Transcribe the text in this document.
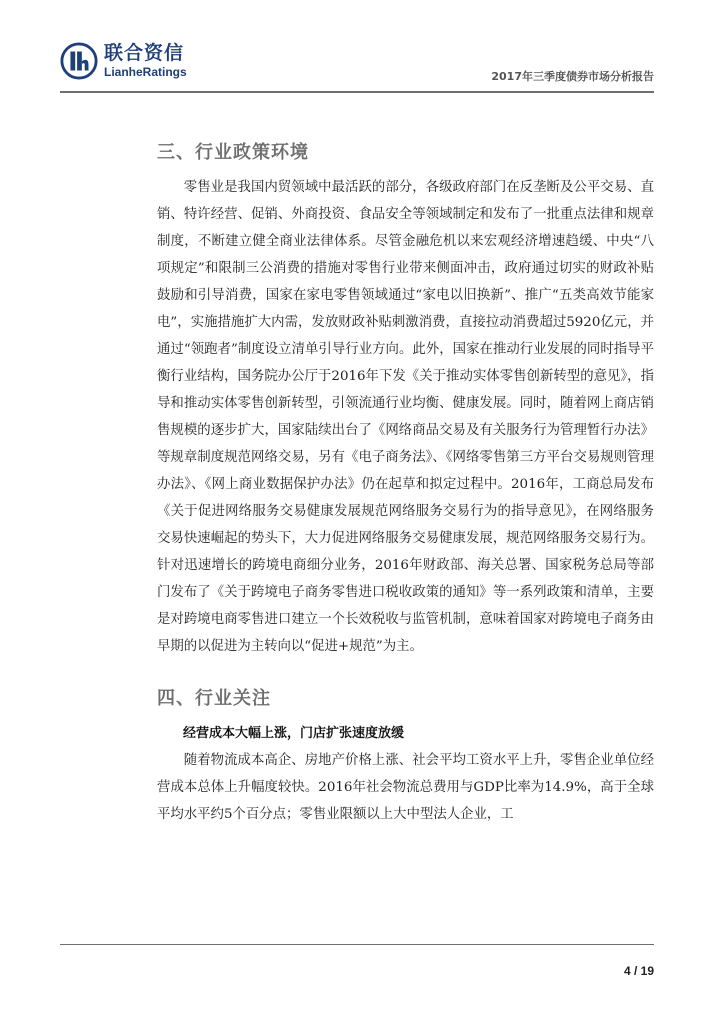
联合资信
LianheRatings	2017年三季度债券市场分析报告
三、行业政策环境

零售业是我国内贸领域中最活跃的部分，各级政府部门在反垄断及公平交易、直销、特许经营、促销、外商投资、食品安全等领域制定和发布了一批重点法律和规章制度，不断建立健全商业法律体系。尽管金融危机以来宏观经济增速趋缓、中央“八项规定”和限制三公消费的措施对零售行业带来侧面冲击，政府通过切实的财政补贴鼓励和引导消费，国家在家电零售领域通过“家电以旧换新”、推广“五类高效节能家电”，实施措施扩大内需，发放财政补贴刺激消费，直接拉动消费超过5920亿元，并通过“领跑者”制度设立清单引导行业方向。此外，国家在推动行业发展的同时指导平衡行业结构，国务院办公厅于2016年下发《关于推动实体零售创新转型的意见》，指导和推动实体零售创新转型，引领流通行业均衡、健康发展。同时，随着网上商店销售规模的逐步扩大，国家陆续出台了《网络商品交易及有关服务行为管理暂行办法》等规章制度规范网络交易，另有《电子商务法》、《网络零售第三方平台交易规则管理办法》、《网上商业数据保护办法》仍在起草和拟定过程中。2016年，工商总局发布《关于促进网络服务交易健康发展规范网络服务交易行为的指导意见》，在网络服务交易快速崛起的势头下，大力促进网络服务交易健康发展，规范网络服务交易行为。针对迅速增长的跨境电商细分业务，2016年财政部、海关总署、国家税务总局等部门发布了《关于跨境电子商务零售进口税收政策的通知》等一系列政策和清单，主要是对跨境电商零售进口建立一个长效税收与监管机制，意味着国家对跨境电子商务由早期的以促进为主转向以“促进+规范”为主。

四、行业关注

经营成本大幅上涨，门店扩张速度放缓

随着物流成本高企、房地产价格上涨、社会平均工资水平上升，零售企业单位经营成本总体上升幅度较快。2016年社会物流总费用与GDP比率为14.9%，高于全球平均水平约5个百分点；零售业限额以上大中型法人企业，工

4 / 19
